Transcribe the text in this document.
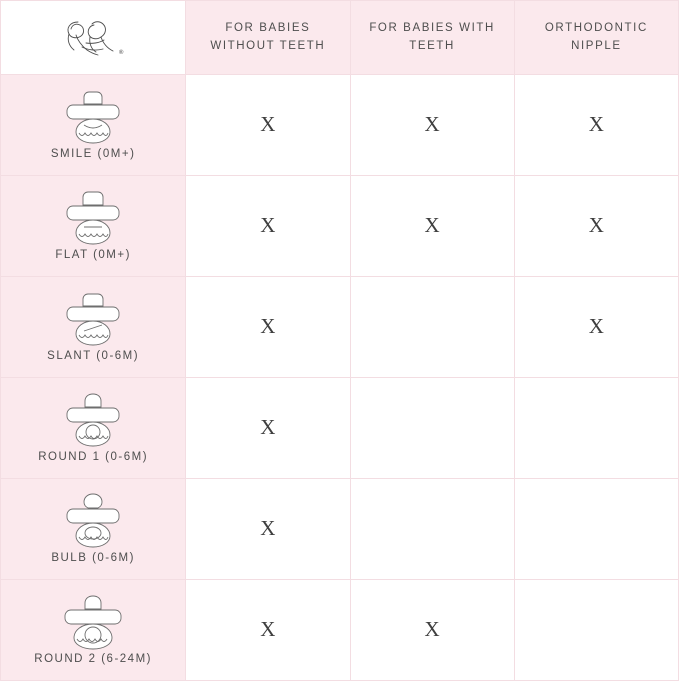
®	FOR BABIES WITHOUT TEETH	FOR BABIES WITH TEETH	ORTHODONTIC NIPPLE

SMILE (0M+)	X	X	X

FLAT (0M+)	X	X	X

SLANT (0-6M)	X		X

ROUND 1 (0-6M)	X		

BULB (0-6M)	X		

ROUND 2 (6-24M)	X	X	
